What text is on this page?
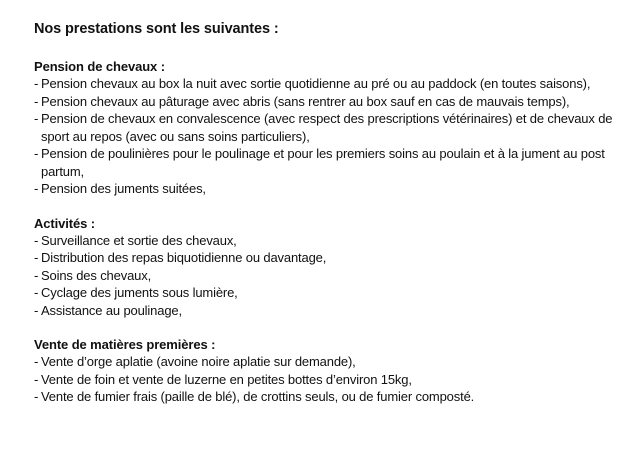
Nos prestations sont les suivantes :
Pension de chevaux :
- Pension chevaux au box la nuit avec sortie quotidienne au pré ou au paddock (en toutes saisons),
- Pension chevaux au pâturage avec abris (sans rentrer au box sauf en cas de mauvais temps),
- Pension de chevaux en convalescence (avec respect des prescriptions vétérinaires) et de chevaux de sport au repos (avec ou sans soins particuliers),
- Pension de poulinières pour le poulinage et pour les premiers soins au poulain et à la jument au post partum,
- Pension des juments suitées,
Activités :
- Surveillance et sortie des chevaux,
- Distribution des repas biquotidienne ou davantage,
- Soins des chevaux,
- Cyclage des juments sous lumière,
- Assistance au poulinage,
Vente de matières premières :
- Vente d’orge aplatie (avoine noire aplatie sur demande),
- Vente de foin et vente de luzerne en petites bottes d’environ 15kg,
- Vente de fumier frais (paille de blé), de crottins seuls, ou de fumier composté.
